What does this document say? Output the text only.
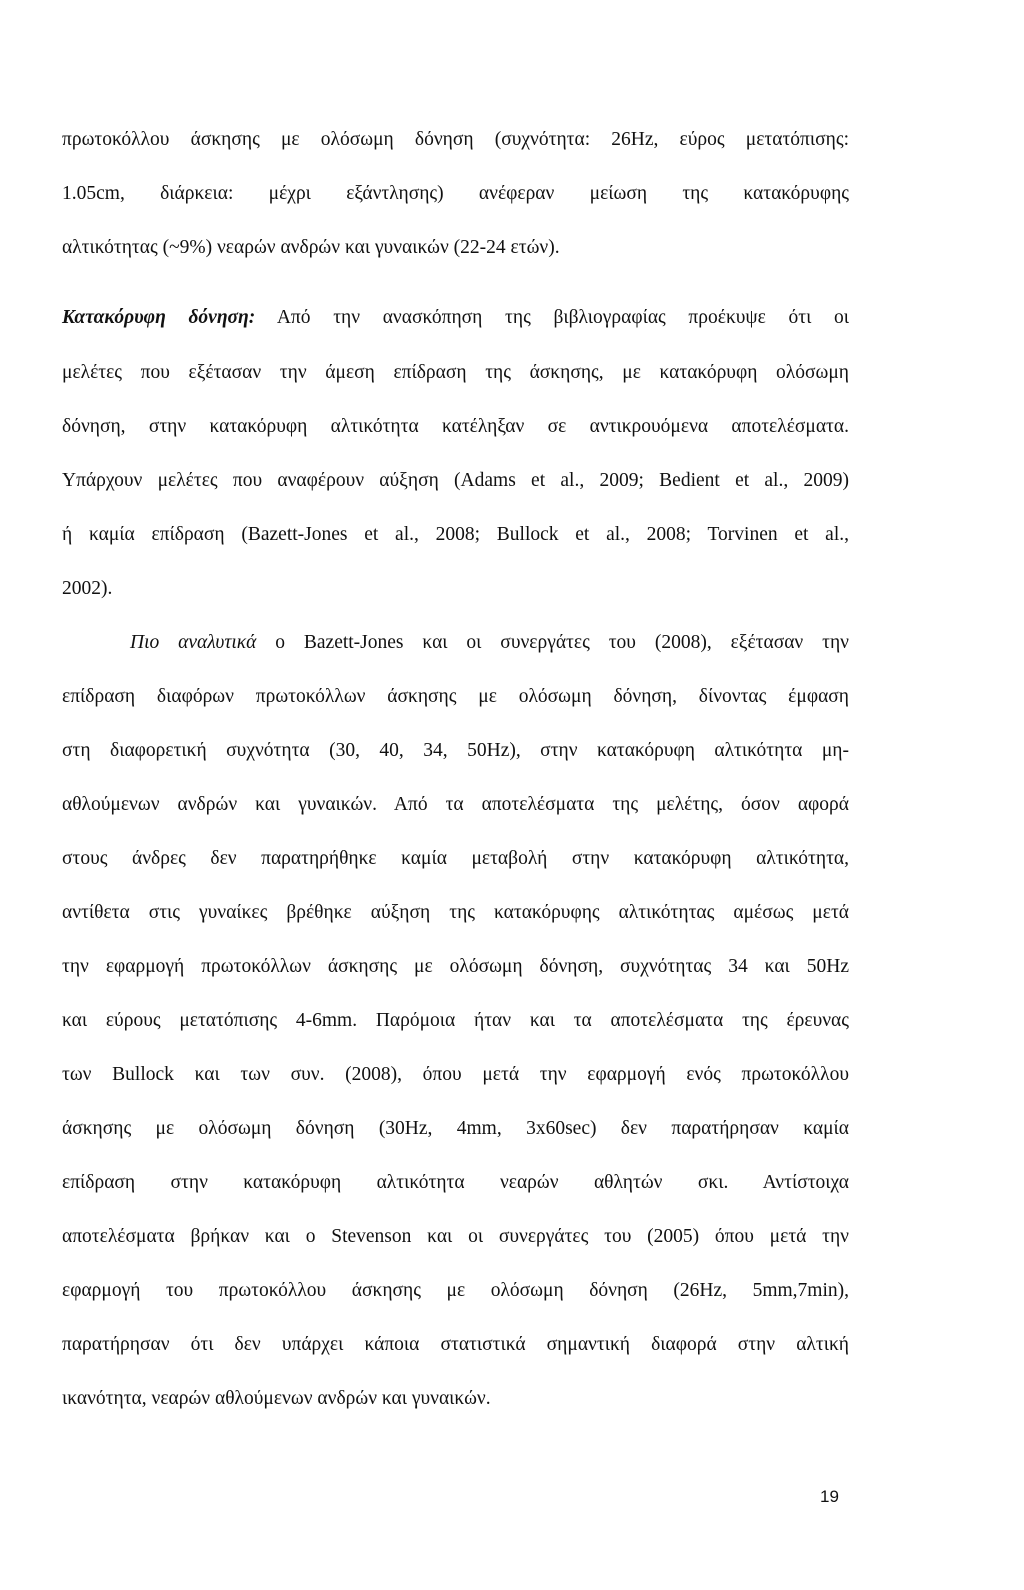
πρωτοκόλλου άσκησης με ολόσωμη δόνηση (συχνότητα: 26Hz, εύρος μετατόπισης:
1.05cm, διάρκεια: μέχρι εξάντλησης) ανέφεραν μείωση της κατακόρυφης
αλτικότητας (~9%) νεαρών ανδρών και γυναικών (22-24 ετών).
Κατακόρυφη δόνηση: Από την ανασκόπηση της βιβλιογραφίας προέκυψε ότι οι
μελέτες που εξέτασαν την άμεση επίδραση της άσκησης, με κατακόρυφη ολόσωμη
δόνηση, στην κατακόρυφη αλτικότητα κατέληξαν σε αντικρουόμενα αποτελέσματα.
Υπάρχουν μελέτες που αναφέρουν αύξηση (Adams et al., 2009; Bedient et al., 2009)
ή καμία επίδραση (Bazett-Jones et al., 2008; Bullock et al., 2008; Torvinen et al.,
2002).
Πιο αναλυτικά ο Bazett-Jones και οι συνεργάτες του (2008), εξέτασαν την
επίδραση διαφόρων πρωτοκόλλων άσκησης με ολόσωμη δόνηση, δίνοντας έμφαση
στη διαφορετική συχνότητα (30, 40, 34, 50Hz), στην κατακόρυφη αλτικότητα μη-
αθλούμενων ανδρών και γυναικών. Από τα αποτελέσματα της μελέτης, όσον αφορά
στους άνδρες δεν παρατηρήθηκε καμία μεταβολή στην κατακόρυφη αλτικότητα,
αντίθετα στις γυναίκες βρέθηκε αύξηση της κατακόρυφης αλτικότητας αμέσως μετά
την εφαρμογή πρωτοκόλλων άσκησης με ολόσωμη δόνηση, συχνότητας 34 και 50Hz
και εύρους μετατόπισης 4-6mm. Παρόμοια ήταν και τα αποτελέσματα της έρευνας
των Bullock και των συν. (2008), όπου μετά την εφαρμογή ενός πρωτοκόλλου
άσκησης με ολόσωμη δόνηση (30Hz, 4mm, 3x60sec) δεν παρατήρησαν καμία
επίδραση στην κατακόρυφη αλτικότητα νεαρών αθλητών σκι. Αντίστοιχα
αποτελέσματα βρήκαν και ο Stevenson και οι συνεργάτες του (2005) όπου μετά την
εφαρμογή του πρωτοκόλλου άσκησης με ολόσωμη δόνηση (26Hz, 5mm,7min),
παρατήρησαν ότι δεν υπάρχει κάποια στατιστικά σημαντική διαφορά στην αλτική
ικανότητα, νεαρών αθλούμενων ανδρών και γυναικών.
19
